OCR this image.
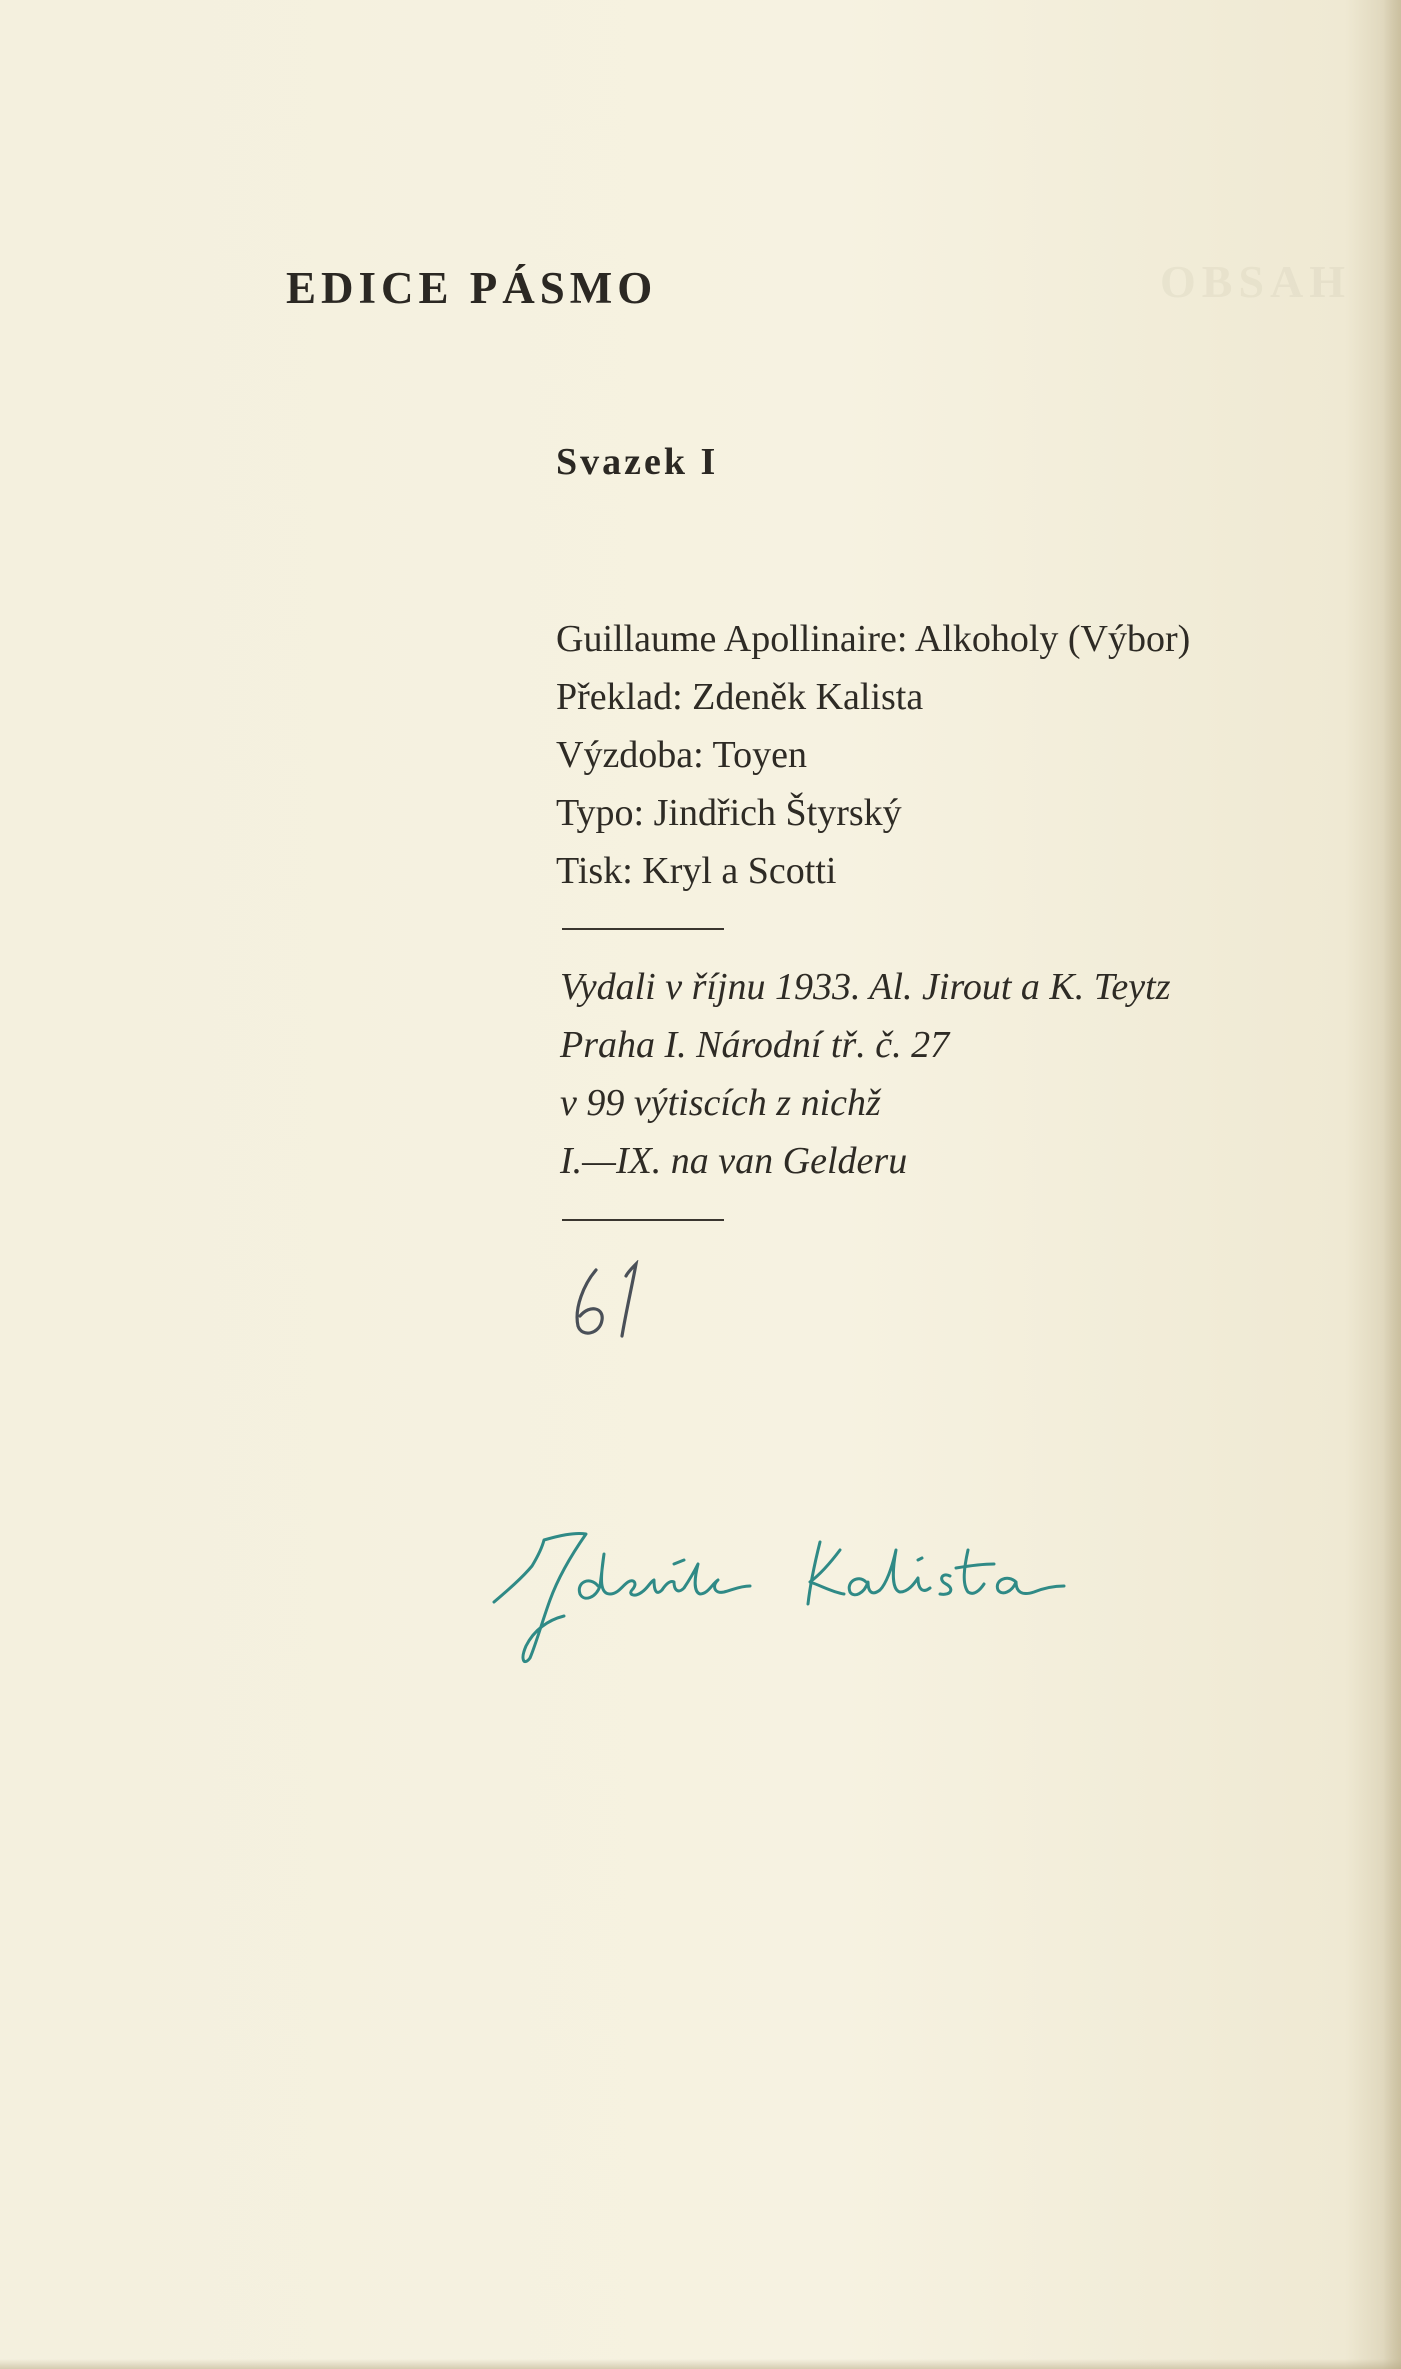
OBSAH
EDICE PÁSMO
Svazek I
Guillaume Apollinaire: Alkoholy (Výbor)
Překlad: Zdeněk Kalista
Výzdoba: Toyen
Typo: Jindřich Štyrský
Tisk: Kryl a Scotti
Vydali v říjnu 1933. Al. Jirout a K. Teytz
Praha I. Národní tř. č. 27
v 99 výtiscích z nichž
I.—IX. na van Gelderu
